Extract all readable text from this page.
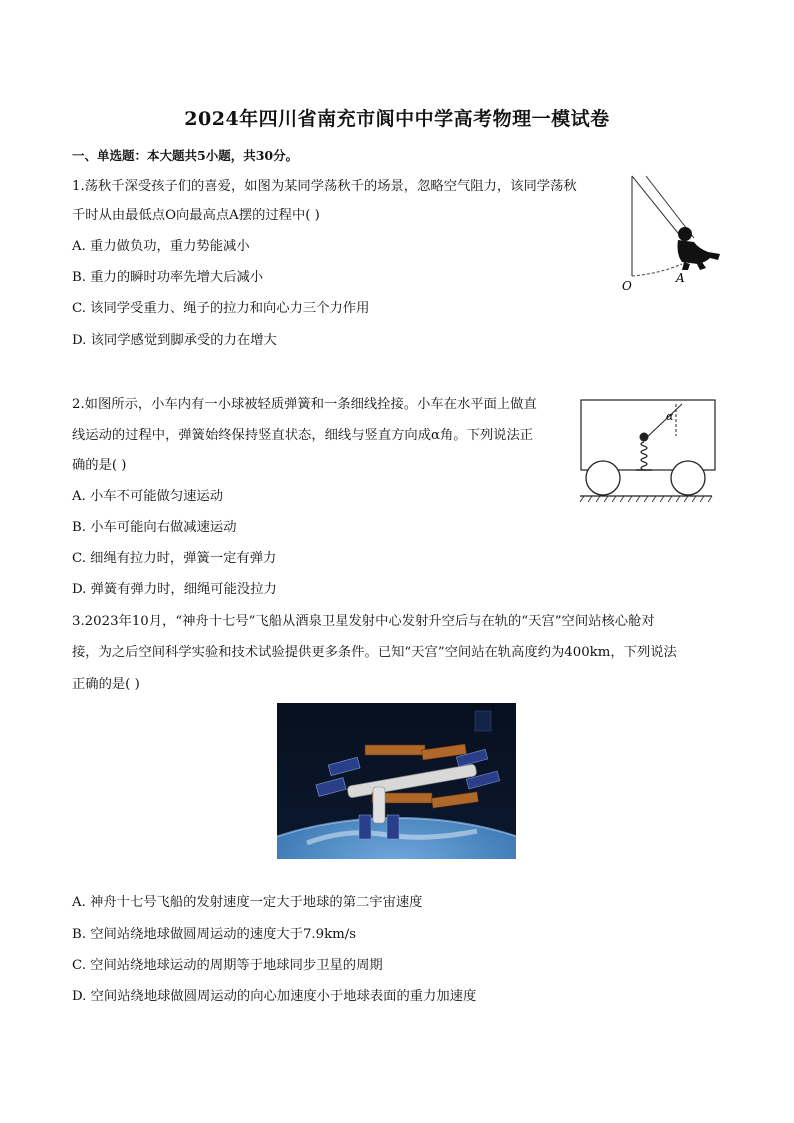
2024年四川省南充市阆中中学高考物理一模试卷
一、单选题：本大题共5小题，共30分。
1.荡秋千深受孩子们的喜爱，如图为某同学荡秋千的场景，忽略空气阻力，该同学荡秋
千时从由最低点O向最高点A摆的过程中( )
A. 重力做负功，重力势能减小
B. 重力的瞬时功率先增大后减小
C. 该同学受重力、绳子的拉力和向心力三个力作用
D. 该同学感觉到脚承受的力在增大
O
A
2.如图所示，小车内有一小球被轻质弹簧和一条细线拴接。小车在水平面上做直
线运动的过程中，弹簧始终保持竖直状态，细线与竖直方向成α角。下列说法正
确的是( )
A. 小车不可能做匀速运动
B. 小车可能向右做减速运动
C. 细绳有拉力时，弹簧一定有弹力
D. 弹簧有弹力时，细绳可能没拉力
α
3.2023年10月，“神舟十七号”飞船从酒泉卫星发射中心发射升空后与在轨的“天宫”空间站核心舱对
接，为之后空间科学实验和技术试验提供更多条件。已知“天宫”空间站在轨高度约为400km，下列说法
正确的是( )
A. 神舟十七号飞船的发射速度一定大于地球的第二宇宙速度
B. 空间站绕地球做圆周运动的速度大于7.9km/s
C. 空间站绕地球运动的周期等于地球同步卫星的周期
D. 空间站绕地球做圆周运动的向心加速度小于地球表面的重力加速度
